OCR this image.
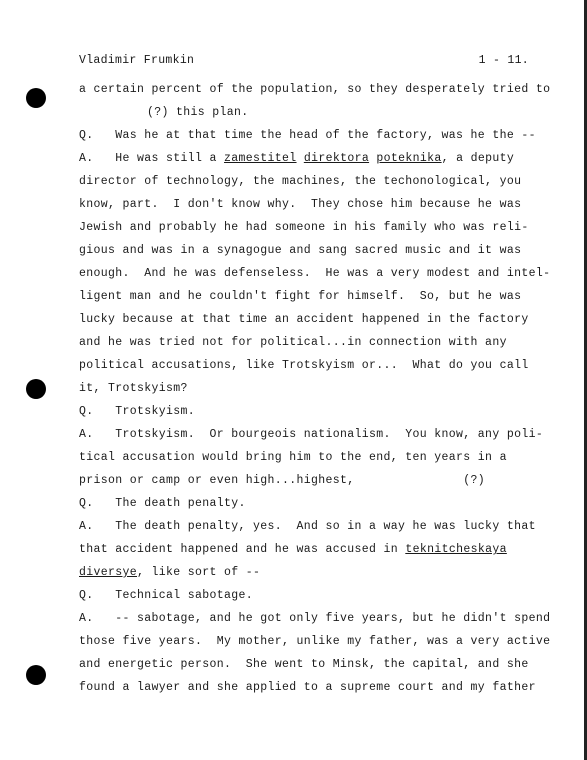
Vladimir Frumkin	1 - 11.
a certain percent of the population, so they desperately tried to
(?) this plan.
Q.   Was he at that time the head of the factory, was he the --
A.   He was still a zamestitel direktora poteknika, a deputy
director of technology, the machines, the techonological, you
know, part.  I don't know why.  They chose him because he was
Jewish and probably he had someone in his family who was reli-
gious and was in a synagogue and sang sacred music and it was
enough.  And he was defenseless.  He was a very modest and intel-
ligent man and he couldn't fight for himself.  So, but he was
lucky because at that time an accident happened in the factory
and he was tried not for political...in connection with any
political accusations, like Trotskyism or...  What do you call
it, Trotskyism?
Q.   Trotskyism.
A.   Trotskyism.  Or bourgeois nationalism.  You know, any poli-
tical accusation would bring him to the end, ten years in a
prison or camp or even high...highest,               (?)
Q.   The death penalty.
A.   The death penalty, yes.  And so in a way he was lucky that
that accident happened and he was accused in teknitcheskaya
diversye, like sort of --
Q.   Technical sabotage.
A.   -- sabotage, and he got only five years, but he didn't spend
those five years.  My mother, unlike my father, was a very active
and energetic person.  She went to Minsk, the capital, and she
found a lawyer and she applied to a supreme court and my father
